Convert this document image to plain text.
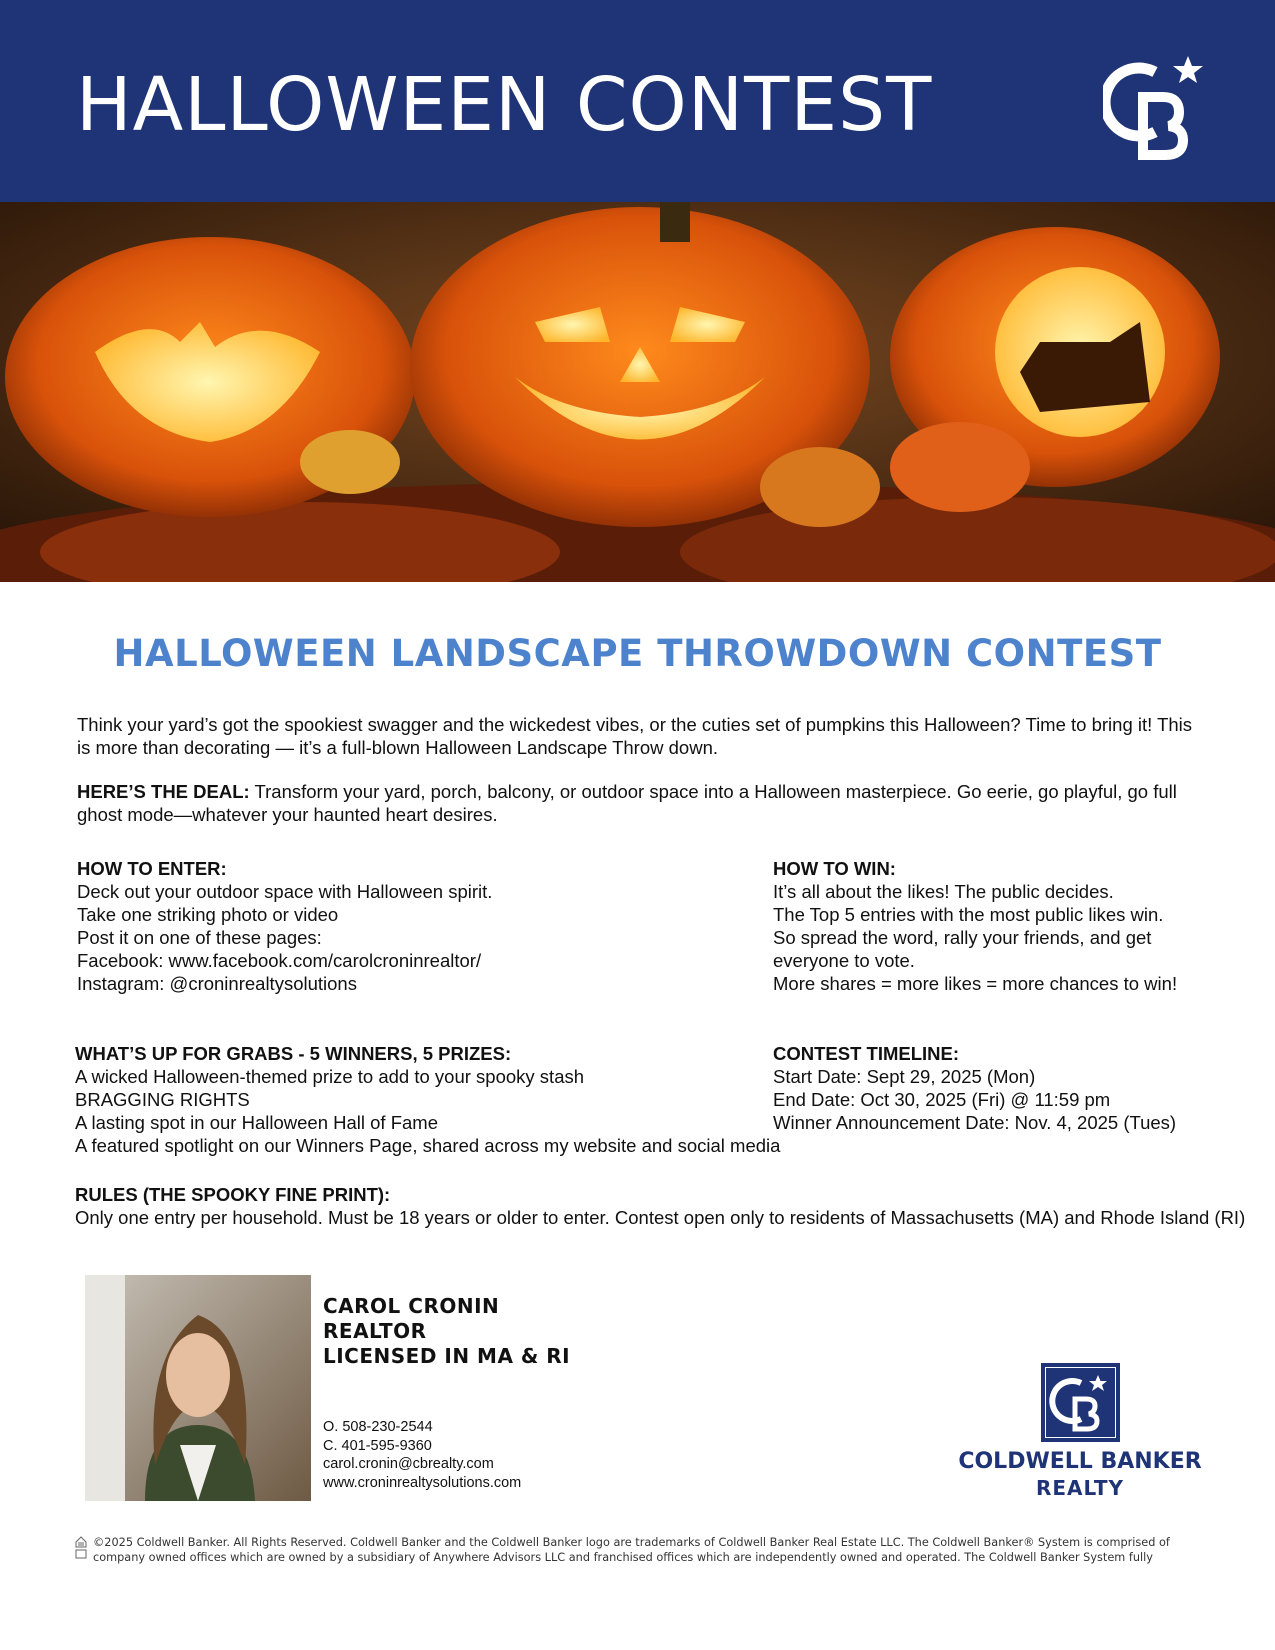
HALLOWEEN CONTEST
HALLOWEEN LANDSCAPE THROWDOWN CONTEST
Think your yard’s got the spookiest swagger and the wickedest vibes, or the cuties set of pumpkins this Halloween? Time to bring it! This is more than decorating — it’s a full-blown Halloween Landscape Throw down.
HERE’S THE DEAL: Transform your yard, porch, balcony, or outdoor space into a Halloween masterpiece. Go eerie, go playful, go full ghost mode—whatever your haunted heart desires.
HOW TO ENTER:
Deck out your outdoor space with Halloween spirit.
Take one striking photo or video
Post it on one of these pages:
Facebook: www.facebook.com/carolcroninrealtor/
Instagram: @croninrealtysolutions
HOW TO WIN:
It’s all about the likes! The public decides.
The Top 5 entries with the most public likes win.
So spread the word, rally your friends, and get
everyone to vote.
More shares = more likes = more chances to win!
WHAT’S UP FOR GRABS - 5 WINNERS, 5 PRIZES:
A wicked Halloween-themed prize to add to your spooky stash
BRAGGING RIGHTS
A lasting spot in our Halloween Hall of Fame
A featured spotlight on our Winners Page, shared across my website and social media
CONTEST TIMELINE:
Start Date: Sept 29, 2025 (Mon)
End Date: Oct 30, 2025 (Fri) @ 11:59 pm
Winner Announcement Date: Nov. 4, 2025 (Tues)
RULES (THE SPOOKY FINE PRINT):
Only one entry per household. Must be 18 years or older to enter. Contest open only to residents of Massachusetts (MA) and Rhode Island (RI)
CAROL CRONIN
REALTOR
LICENSED IN MA & RI
O. 508-230-2544
C. 401-595-9360
carol.cronin@cbrealty.com
www.croninrealtysolutions.com
COLDWELL BANKER
REALTY
©2025 Coldwell Banker. All Rights Reserved. Coldwell Banker and the Coldwell Banker logo are trademarks of Coldwell Banker Real Estate LLC. The Coldwell Banker® System is comprised of
company owned offices which are owned by a subsidiary of Anywhere Advisors LLC and franchised offices which are independently owned and operated. The Coldwell Banker System fully
